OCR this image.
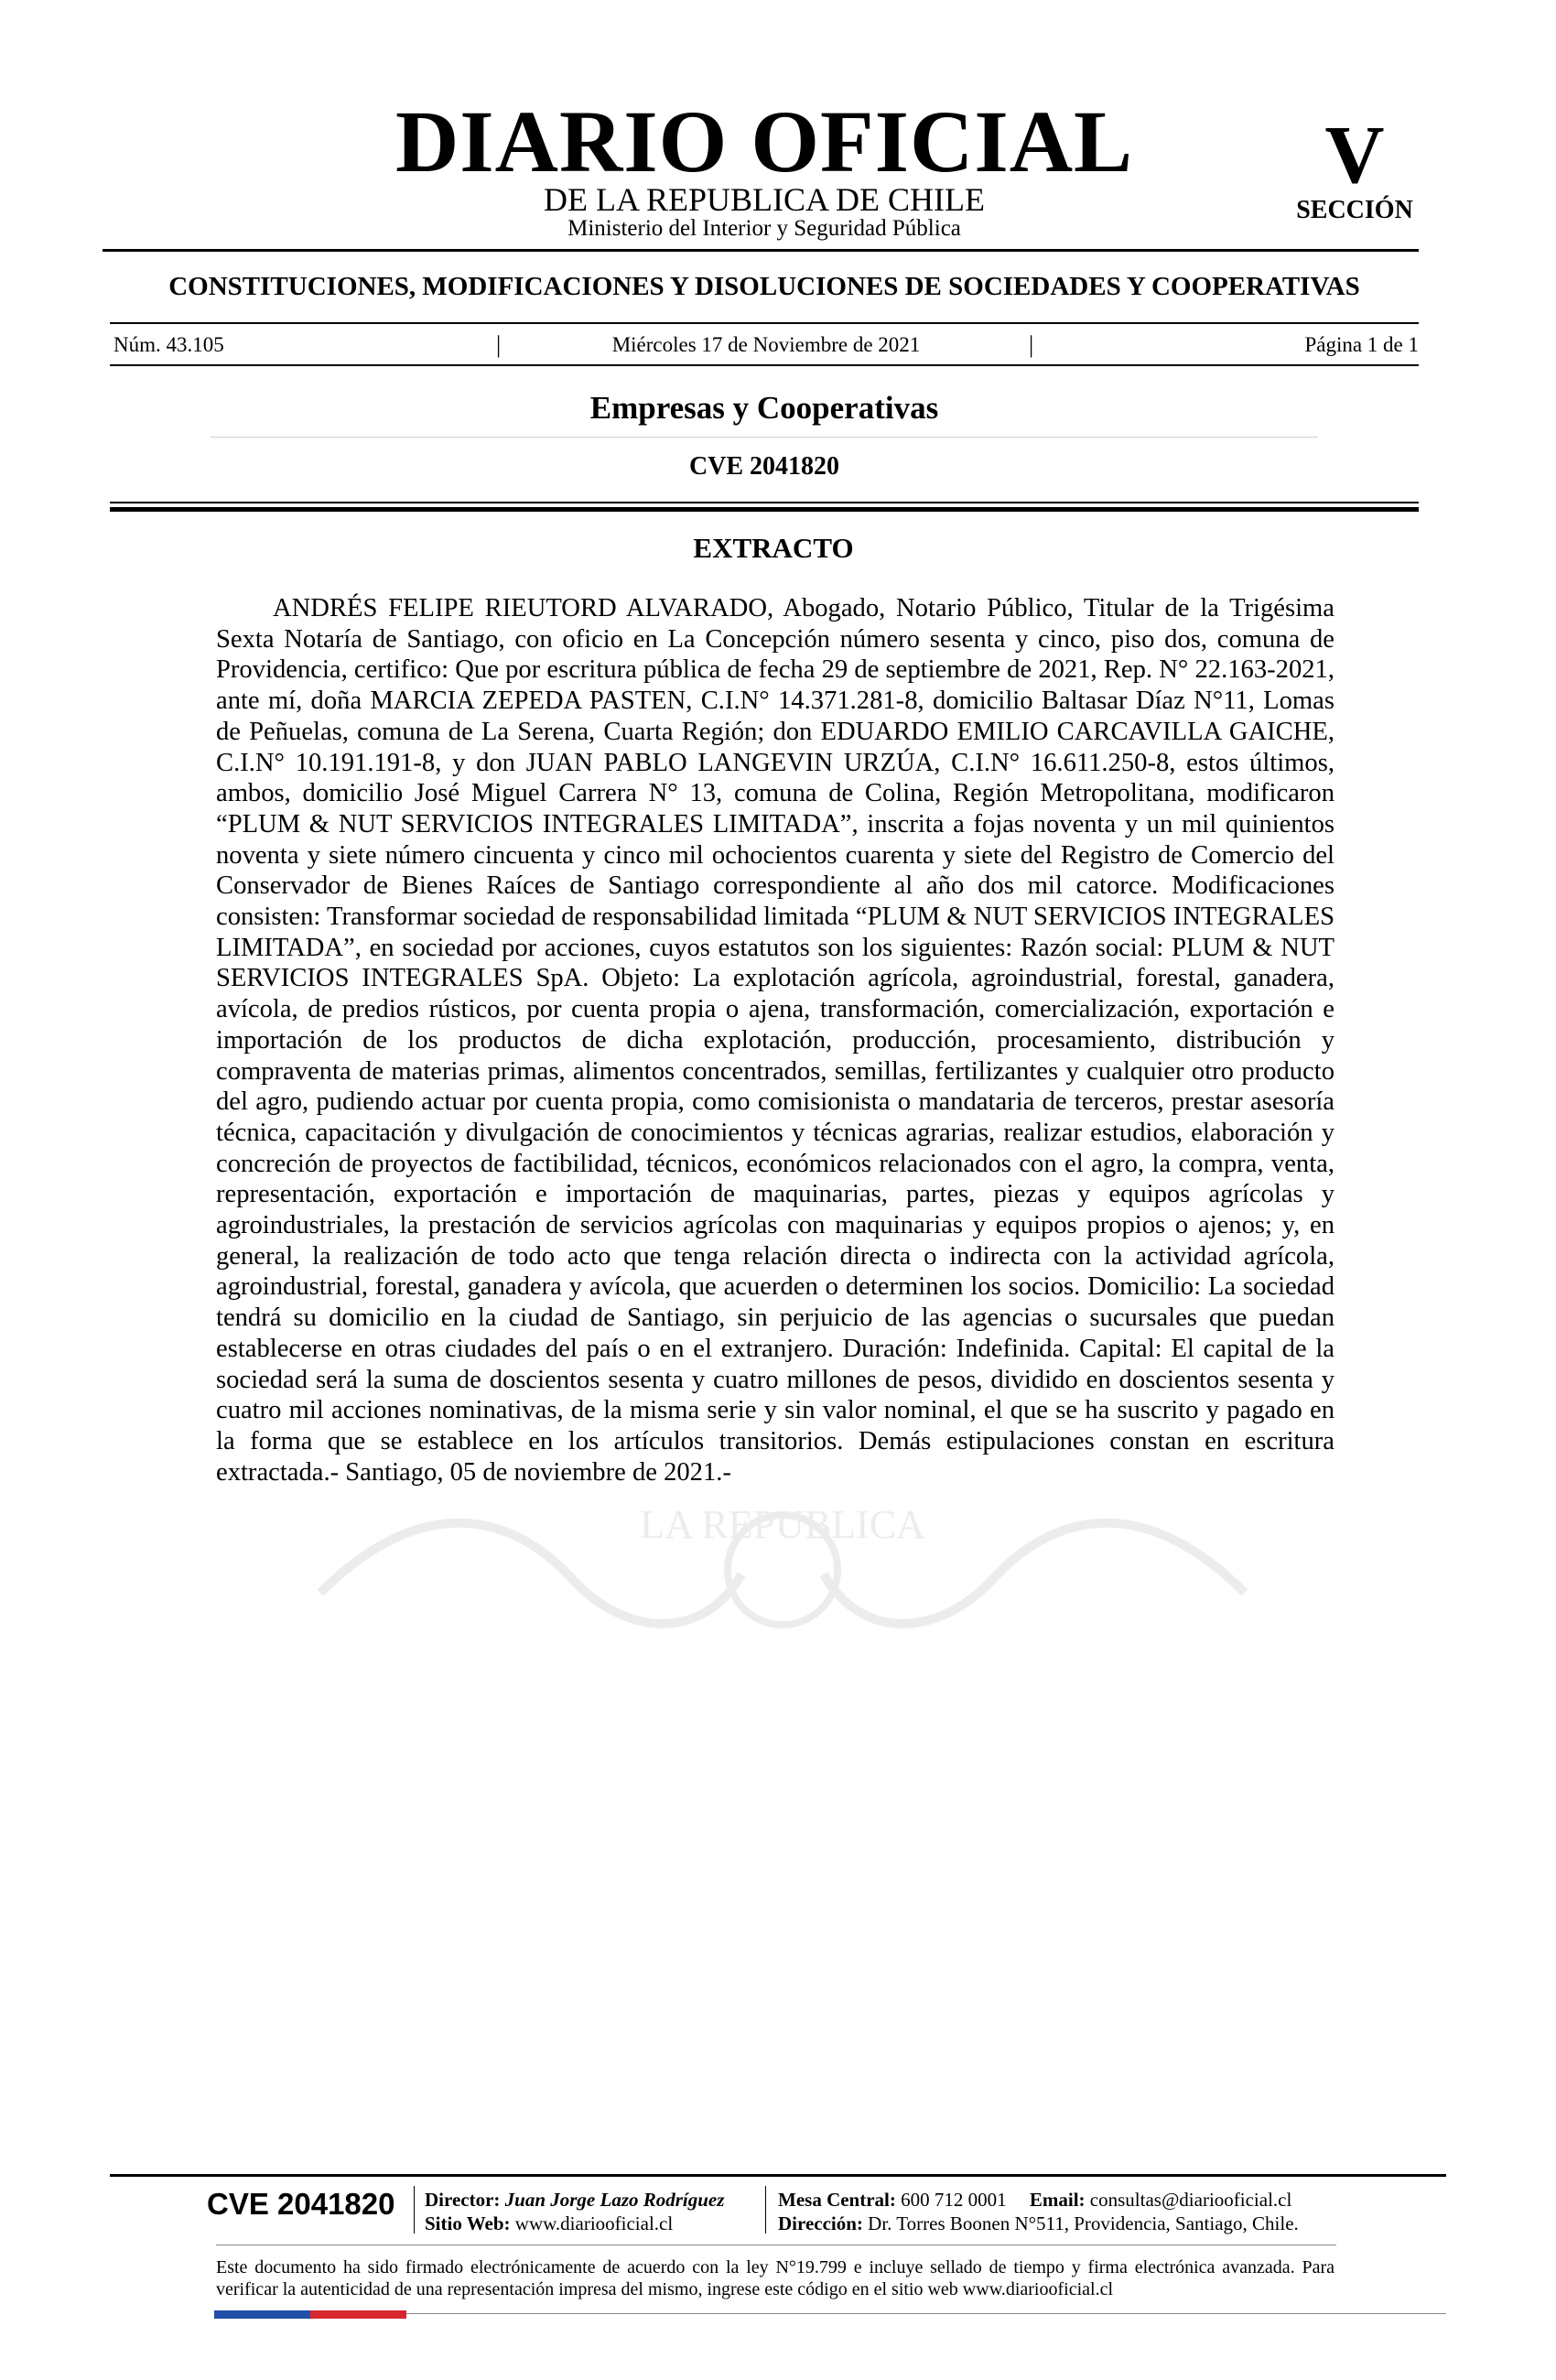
DIARIO OFICIAL
DE LA REPUBLICA DE CHILE
Ministerio del Interior y Seguridad Pública
V
SECCIÓN
CONSTITUCIONES, MODIFICACIONES Y DISOLUCIONES DE SOCIEDADES Y COOPERATIVAS
Núm. 43.105	|	Miércoles 17 de Noviembre de 2021	|	Página 1 de 1
Empresas y Cooperativas
CVE 2041820
EXTRACTO

ANDRÉS FELIPE RIEUTORD ALVARADO, Abogado, Notario Público, Titular de la Trigésima Sexta Notaría de Santiago, con oficio en La Concepción número sesenta y cinco, piso dos, comuna de Providencia, certifico: Que por escritura pública de fecha 29 de septiembre de 2021, Rep. N° 22.163-2021, ante mí, doña MARCIA ZEPEDA PASTEN, C.I.N° 14.371.281-8, domicilio Baltasar Díaz N°11, Lomas de Peñuelas, comuna de La Serena, Cuarta Región; don EDUARDO EMILIO CARCAVILLA GAICHE, C.I.N° 10.191.191-8, y don JUAN PABLO LANGEVIN URZÚA, C.I.N° 16.611.250-8, estos últimos, ambos, domicilio José Miguel Carrera N° 13, comuna de Colina, Región Metropolitana, modificaron “PLUM & NUT SERVICIOS INTEGRALES LIMITADA”, inscrita a fojas noventa y un mil quinientos noventa y siete número cincuenta y cinco mil ochocientos cuarenta y siete del Registro de Comercio del Conservador de Bienes Raíces de Santiago correspondiente al año dos mil catorce. Modificaciones consisten: Transformar sociedad de responsabilidad limitada “PLUM & NUT SERVICIOS INTEGRALES LIMITADA”, en sociedad por acciones, cuyos estatutos son los siguientes: Razón social: PLUM & NUT SERVICIOS INTEGRALES SpA. Objeto: La explotación agrícola, agroindustrial, forestal, ganadera, avícola, de predios rústicos, por cuenta propia o ajena, transformación, comercialización, exportación e importación de los productos de dicha explotación, producción, procesamiento, distribución y compraventa de materias primas, alimentos concentrados, semillas, fertilizantes y cualquier otro producto del agro, pudiendo actuar por cuenta propia, como comisionista o mandataria de terceros, prestar asesoría técnica, capacitación y divulgación de conocimientos y técnicas agrarias, realizar estudios, elaboración y concreción de proyectos de factibilidad, técnicos, económicos relacionados con el agro, la compra, venta, representación, exportación e importación de maquinarias, partes, piezas y equipos agrícolas y agroindustriales, la prestación de servicios agrícolas con maquinarias y equipos propios o ajenos; y, en general, la realización de todo acto que tenga relación directa o indirecta con la actividad agrícola, agroindustrial, forestal, ganadera y avícola, que acuerden o determinen los socios. Domicilio: La sociedad tendrá su domicilio en la ciudad de Santiago, sin perjuicio de las agencias o sucursales que puedan establecerse en otras ciudades del país o en el extranjero. Duración: Indefinida. Capital: El capital de la sociedad será la suma de doscientos sesenta y cuatro millones de pesos, dividido en doscientos sesenta y cuatro mil acciones nominativas, de la misma serie y sin valor nominal, el que se ha suscrito y pagado en la forma que se establece en los artículos transitorios. Demás estipulaciones constan en escritura extractada.- Santiago, 05 de noviembre de 2021.-

LA REPUBLICA
CVE 2041820 Director: Juan Jorge Lazo Rodríguez
Sitio Web: www.diariooficial.cl
Mesa Central: 600 712 0001 Email: consultas@diariooficial.cl
Dirección: Dr. Torres Boonen N°511, Providencia, Santiago, Chile.

Este documento ha sido firmado electrónicamente de acuerdo con la ley N°19.799 e incluye sellado de tiempo y firma electrónica avanzada. Para verificar la autenticidad de una representación impresa del mismo, ingrese este código en el sitio web www.diariooficial.cl
